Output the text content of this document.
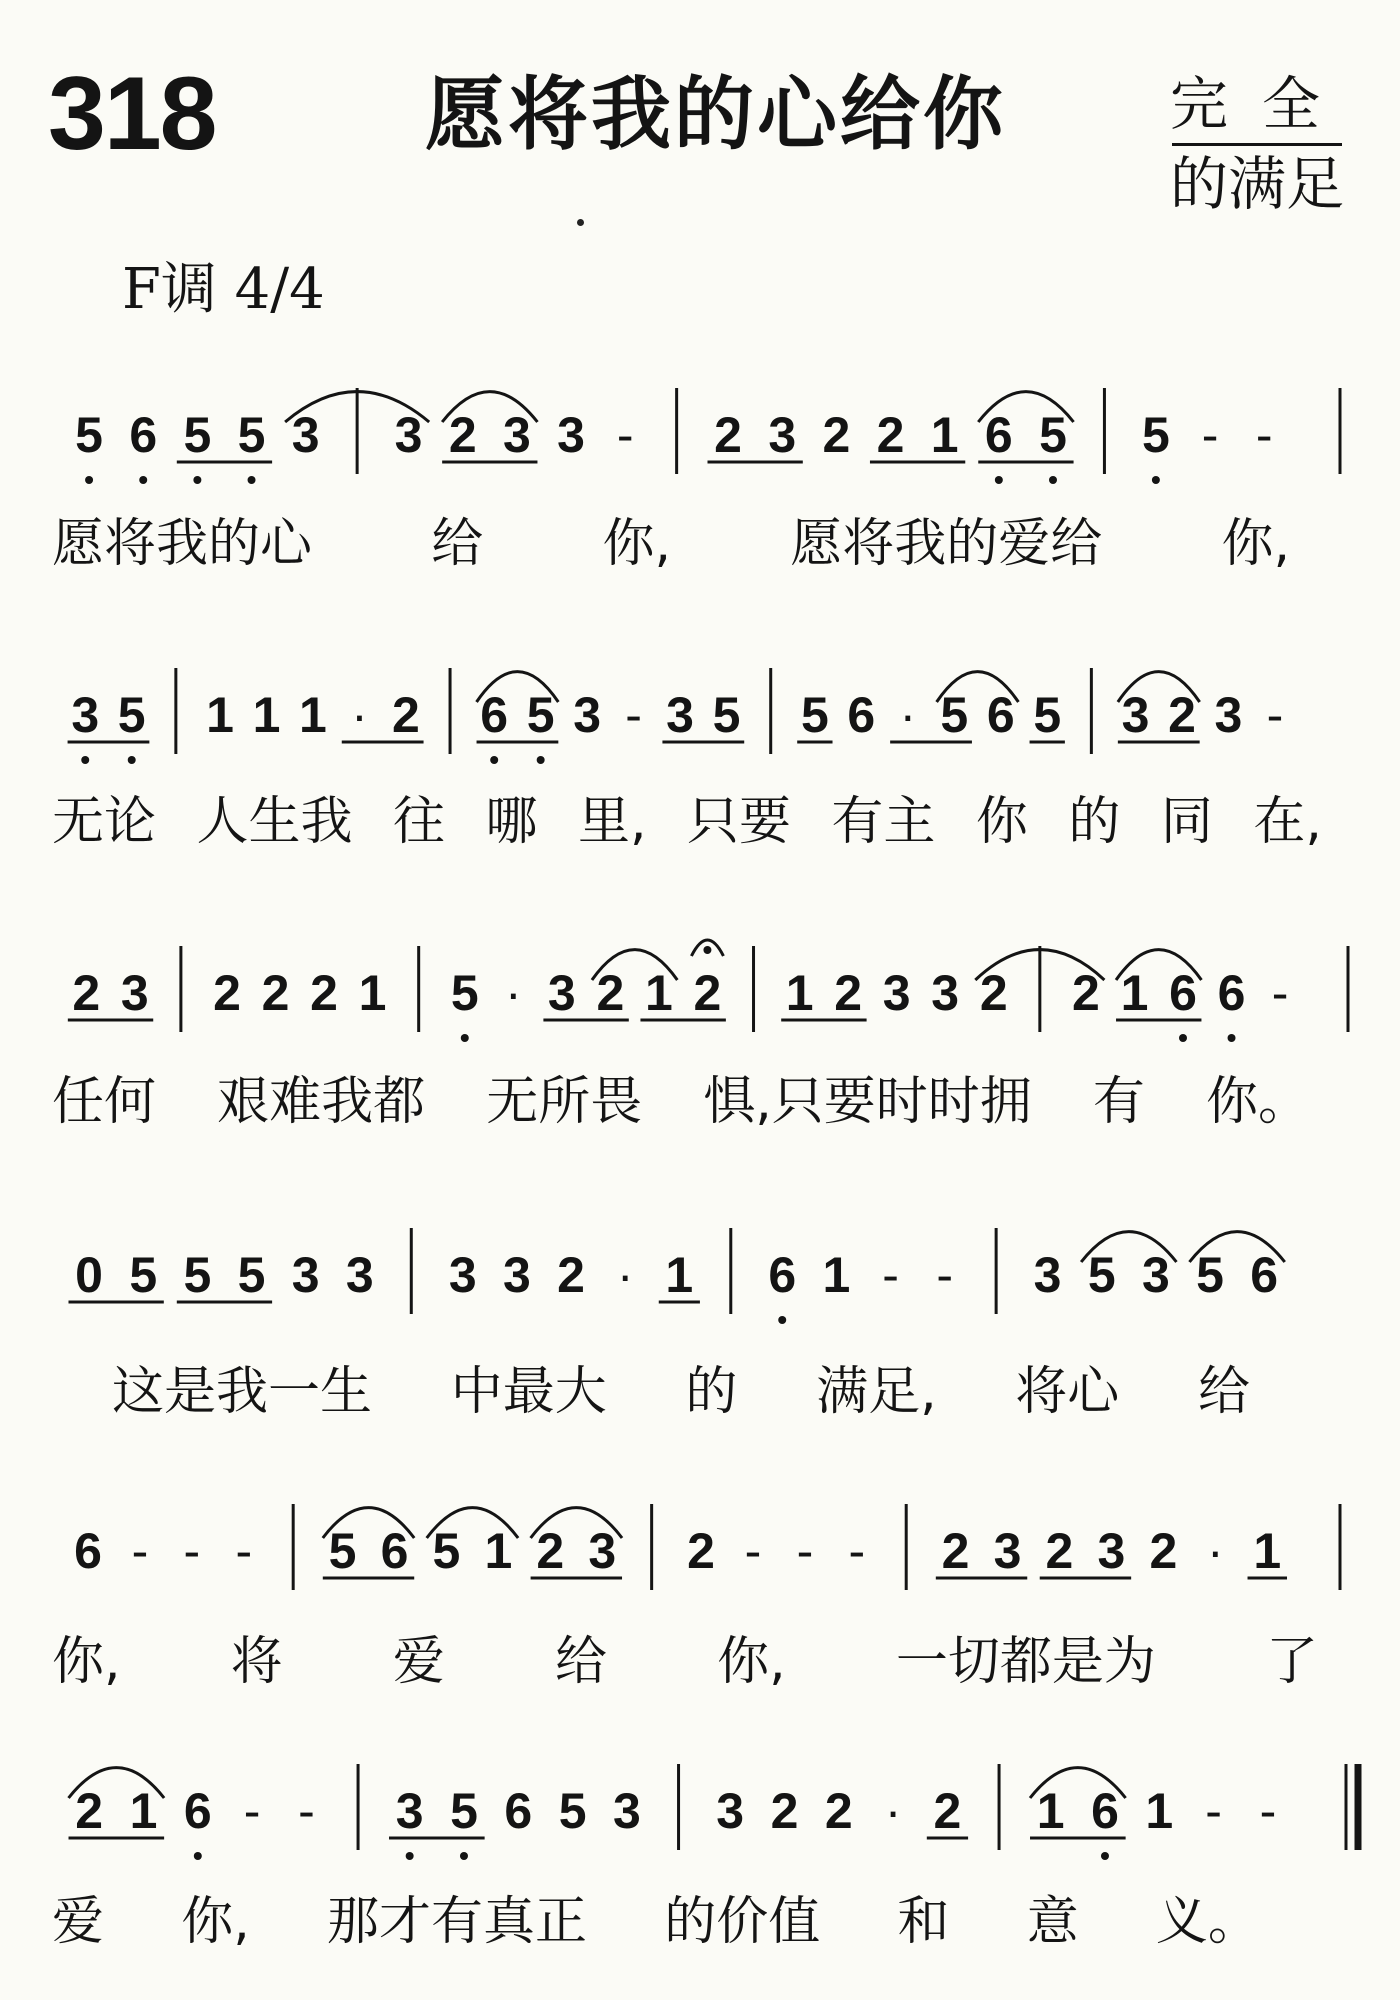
318	愿将我的心给你	完全
的满足
F调 4/4
5 6 5 5 3 3 2 3 3 - 2 3 2 2 1 6 5 5 - -
3 5 1 1 1 · 2 6 5 3 - 3 5 5 6 · 5 6 5 3 2 3 -
2 3 2 2 2 1 5 · 3 2 1 2 1 2 3 3 2 2 1 6 6 -
0 5 5 5 3 3 3 3 2 · 1 6 1 - - 3 5 3 5 6
6 - - - 5 6 5 1 2 3 2 - - - 2 3 2 3 2 · 1
2 1 6 - - 3 5 6 5 3 3 2 2 · 2 1 6 1 - -
愿将我的心 给 你, 愿将我的爱给 你,
无论 人生我 往 哪 里, 只要 有主 你 的 同 在,
任何 艰难我都 无所畏 惧,只要时时拥 有 你。
这是我一生 中最大 的 满足, 将心 给
你, 将 爱 给 你, 一切都是为 了
爱 你, 那才有真正 的价值 和 意 义。
